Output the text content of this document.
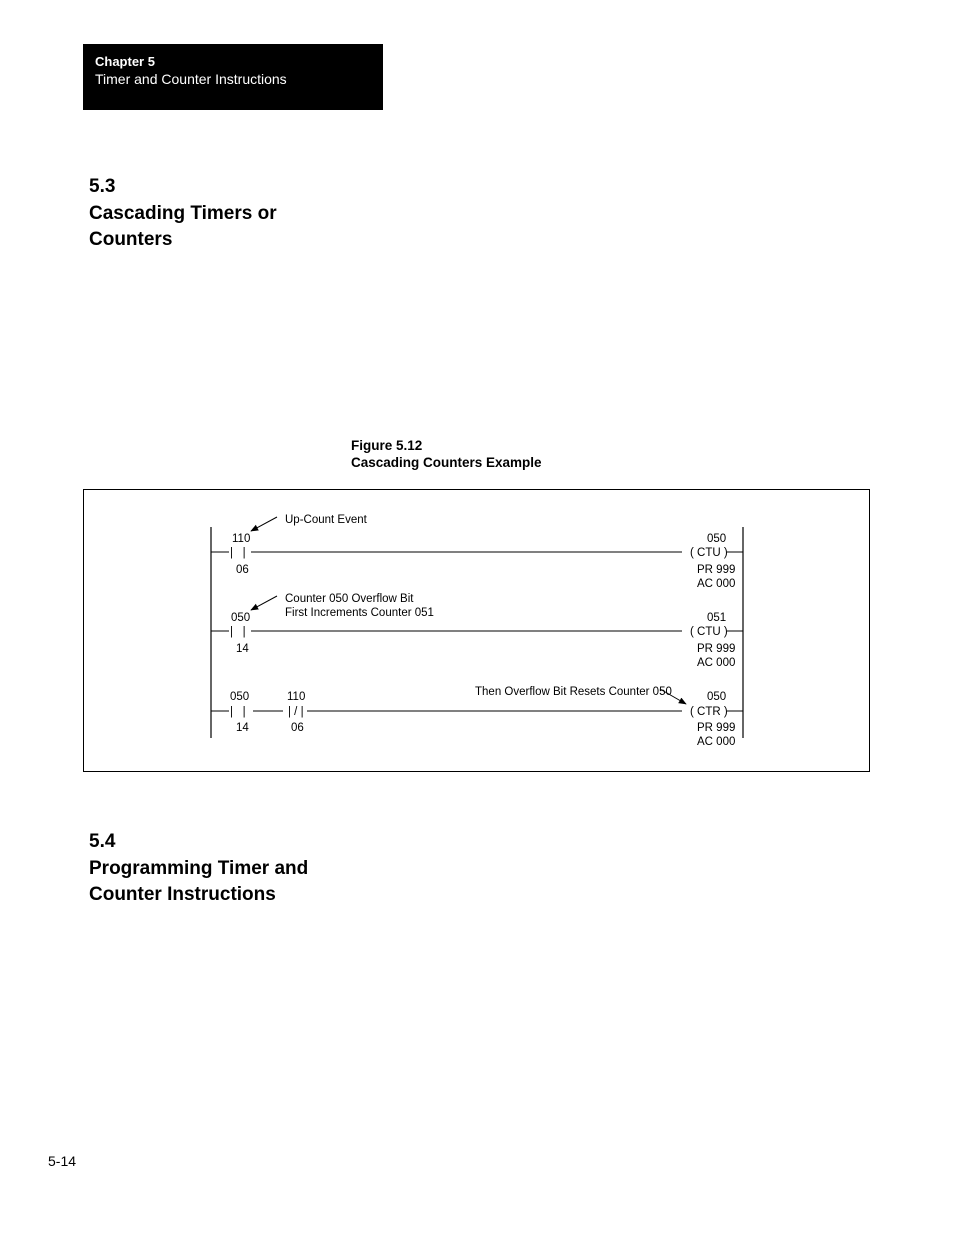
Chapter 5
Timer and Counter Instructions
5.3
Cascading Timers or
Counters
Figure 5.12
Cascading Counters Example
110
|   |
06
050
( CTU )
PR 999
AC 000
Up-Count Event
050
|   |
14
051
( CTU )
PR 999
AC 000
Counter 050 Overflow Bit
First Increments Counter 051
050
|   |
14
110
| / |
06
050
( CTR )
PR 999
AC 000
Then Overflow Bit Resets Counter 050
5.4
Programming Timer and
Counter Instructions
5-14
